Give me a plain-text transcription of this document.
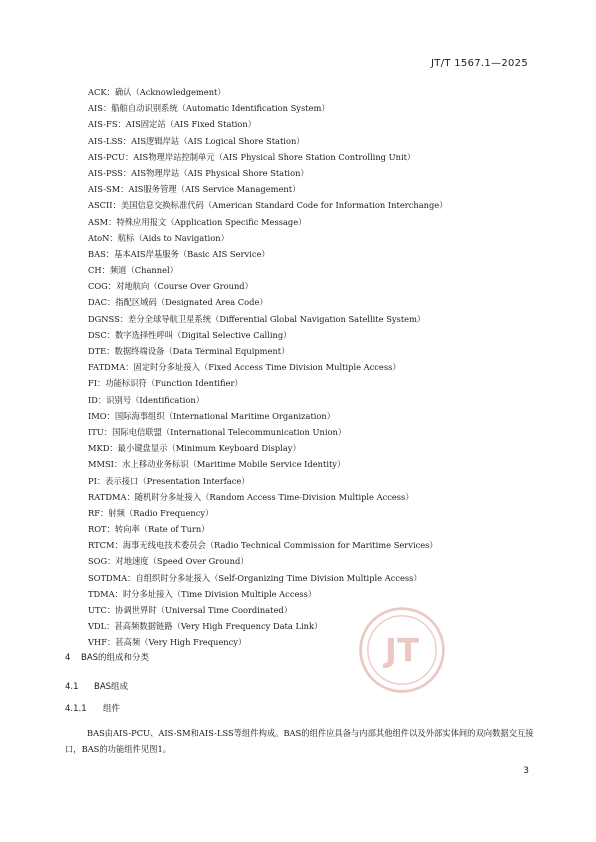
JT/T 1567.1—2025
ACK：确认（Acknowledgement）
AIS：船舶自动识别系统（Automatic Identification System）
AIS-FS：AIS固定站（AIS Fixed Station）
AIS-LSS：AIS逻辑岸站（AIS Logical Shore Station）
AIS-PCU：AIS物理岸站控制单元（AIS Physical Shore Station Controlling Unit）
AIS-PSS：AIS物理岸站（AIS Physical Shore Station）
AIS-SM：AIS服务管理（AIS Service Management）
ASCII：美国信息交换标准代码（American Standard Code for Information Interchange）
ASM：特殊应用报文（Application Specific Message）
AtoN：航标（Aids to Navigation）
BAS：基本AIS岸基服务（Basic AIS Service）
CH：频道（Channel）
COG：对地航向（Course Over Ground）
DAC：指配区域码（Designated Area Code）
DGNSS：差分全球导航卫星系统（Differential Global Navigation Satellite System）
DSC：数字选择性呼叫（Digital Selective Calling）
DTE：数据终端设备（Data Terminal Equipment）
FATDMA：固定时分多址接入（Fixed Access Time Division Multiple Access）
FI：功能标识符（Function Identifier）
ID：识别号（Identification）
IMO：国际海事组织（International Maritime Organization）
ITU：国际电信联盟（International Telecommunication Union）
MKD：最小键盘显示（Minimum Keyboard Display）
MMSI：水上移动业务标识（Maritime Mobile Service Identity）
PI：表示接口（Presentation Interface）
RATDMA：随机时分多址接入（Random Access Time-Division Multiple Access）
RF：射频（Radio Frequency）
ROT：转向率（Rate of Turn）
RTCM：海事无线电技术委员会（Radio Technical Commission for Maritime Services）
SOG：对地速度（Speed Over Ground）
SOTDMA：自组织时分多址接入（Self-Organizing Time Division Multiple Access）
TDMA：时分多址接入（Time Division Multiple Access）
UTC：协调世界时（Universal Time Coordinated）
VDL：甚高频数据链路（Very High Frequency Data Link）
VHF：甚高频（Very High Frequency）
4 BAS的组成和分类
4.1 BAS组成
4.1.1 组件
BAS由AIS-PCU、AIS-SM和AIS-LSS等组件构成。BAS的组件应具备与内部其他组件以及外部实体间的双向数据交互接口，BAS的功能组件见图1。
JT
3
